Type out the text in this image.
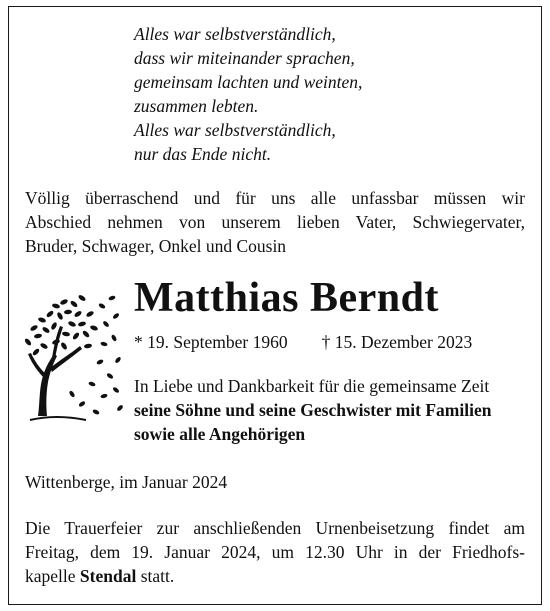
Alles war selbstverständlich,
dass wir miteinander sprachen,
gemeinsam lachten und weinten,
zusammen lebten.
Alles war selbstverständlich,
nur das Ende nicht.
Völlig überraschend und für uns alle unfassbar müssen wir
Abschied nehmen von unserem lieben Vater, Schwiegervater,
Bruder, Schwager, Onkel und Cousin
Matthias Berndt
* 19. September 1960 † 15. Dezember 2023
In Liebe und Dankbarkeit für die gemeinsame Zeit
seine Söhne und seine Geschwister mit Familien
sowie alle Angehörigen
Wittenberge, im Januar 2024
Die Trauerfeier zur anschließenden Urnenbeisetzung findet am
Freitag, dem 19. Januar 2024, um 12.30 Uhr in der Friedhofs-
kapelle Stendal statt.
